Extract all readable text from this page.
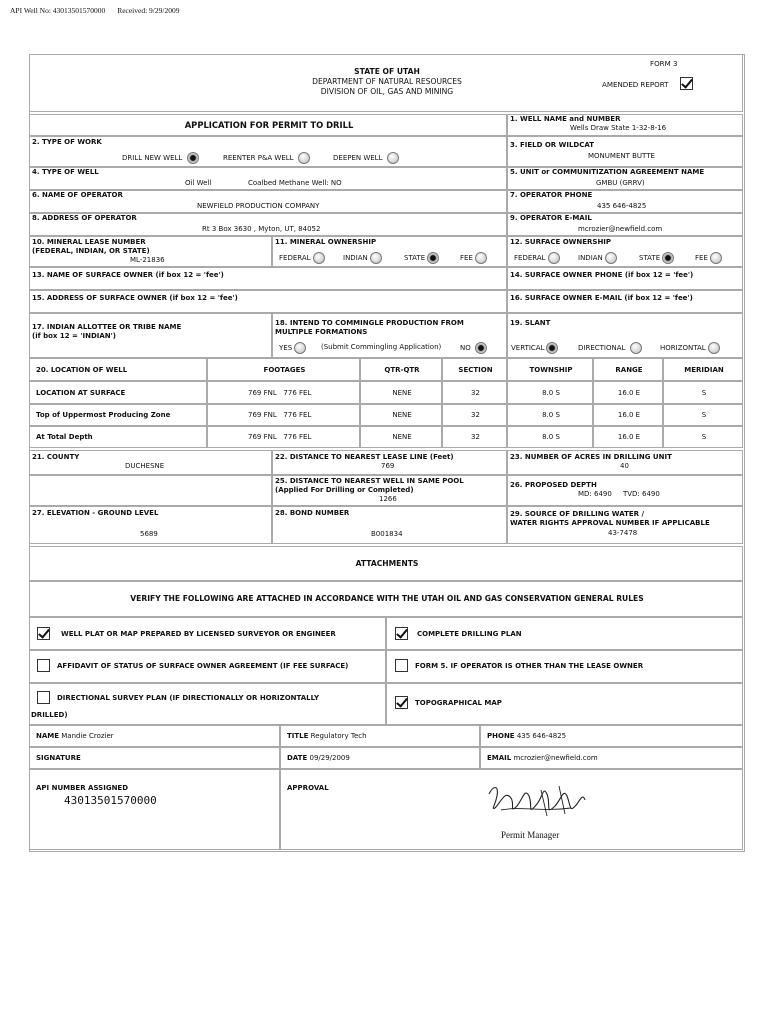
API Well No: 43013501570000 Received: 9/29/2009
STATE OF UTAH
DEPARTMENT OF NATURAL RESOURCES
DIVISION OF OIL, GAS AND MINING
FORM 3
AMENDED REPORT
APPLICATION FOR PERMIT TO DRILL
1. WELL NAME and NUMBER
Wells Draw State 1-32-8-16
2. TYPE OF WORK
DRILL NEW WELL	REENTER P&A WELL	DEEPEN WELL
3. FIELD OR WILDCAT
MONUMENT BUTTE
4. TYPE OF WELL
Oil Well	Coalbed Methane Well: NO
5. UNIT or COMMUNITIZATION AGREEMENT NAME
GMBU (GRRV)
6. NAME OF OPERATOR
NEWFIELD PRODUCTION COMPANY
7. OPERATOR PHONE
435 646-4825
8. ADDRESS OF OPERATOR
Rt 3 Box 3630 , Myton, UT, 84052
9. OPERATOR E-MAIL
mcrozier@newfield.com
10. MINERAL LEASE NUMBER
(FEDERAL, INDIAN, OR STATE)
ML-21836
11. MINERAL OWNERSHIP
FEDERAL	INDIAN	STATE	FEE
12. SURFACE OWNERSHIP
FEDERAL	INDIAN	STATE	FEE
13. NAME OF SURFACE OWNER (if box 12 = 'fee')	14. SURFACE OWNER PHONE (if box 12 = 'fee')
15. ADDRESS OF SURFACE OWNER (if box 12 = 'fee')	16. SURFACE OWNER E-MAIL (if box 12 = 'fee')
17. INDIAN ALLOTTEE OR TRIBE NAME
(if box 12 = 'INDIAN')
18. INTEND TO COMMINGLE PRODUCTION FROM
MULTIPLE FORMATIONS
YES	(Submit Commingling Application)	NO
19. SLANT
VERTICAL	DIRECTIONAL	HORIZONTAL
20. LOCATION OF WELL	FOOTAGES	QTR-QTR	SECTION	TOWNSHIP	RANGE	MERIDIAN
LOCATION AT SURFACE	769 FNL   776 FEL	NENE	32	8.0 S	16.0 E	S
Top of Uppermost Producing Zone	769 FNL   776 FEL	NENE	32	8.0 S	16.0 E	S
At Total Depth	769 FNL   776 FEL	NENE	32	8.0 S	16.0 E	S
21. COUNTY
DUCHESNE
22. DISTANCE TO NEAREST LEASE LINE (Feet)
769
23. NUMBER OF ACRES IN DRILLING UNIT
40
25. DISTANCE TO NEAREST WELL IN SAME POOL
(Applied For Drilling or Completed)
1266
26. PROPOSED DEPTH
MD: 6490     TVD: 6490
27. ELEVATION - GROUND LEVEL
5689
28. BOND NUMBER
B001834
29. SOURCE OF DRILLING WATER /
WATER RIGHTS APPROVAL NUMBER IF APPLICABLE
43-7478
ATTACHMENTS
VERIFY THE FOLLOWING ARE ATTACHED IN ACCORDANCE WITH THE UTAH OIL AND GAS CONSERVATION GENERAL RULES
WELL PLAT OR MAP PREPARED BY LICENSED SURVEYOR OR ENGINEER	COMPLETE DRILLING PLAN
AFFIDAVIT OF STATUS OF SURFACE OWNER AGREEMENT (IF FEE SURFACE)	FORM 5. IF OPERATOR IS OTHER THAN THE LEASE OWNER
DIRECTIONAL SURVEY PLAN (IF DIRECTIONALLY OR HORIZONTALLY
DRILLED)
TOPOGRAPHICAL MAP
NAME Mandie Crozier	TITLE Regulatory Tech	PHONE 435 646-4825
SIGNATURE	DATE 09/29/2009	EMAIL mcrozier@newfield.com
API NUMBER ASSIGNED
43013501570000
APPROVAL
Permit Manager
